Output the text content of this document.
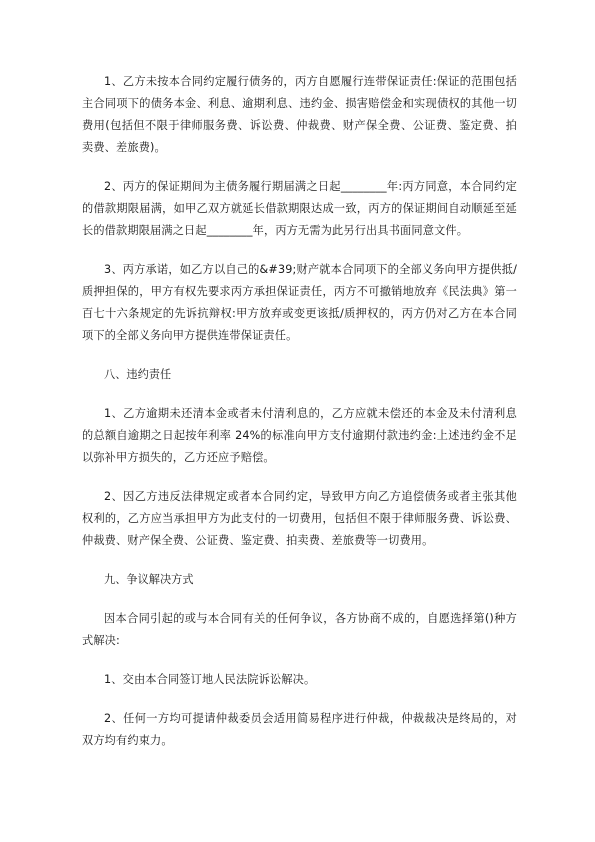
1、乙方未按本合同约定履行债务的，丙方自愿履行连带保证责任:保证的范围包括主合同项下的债务本金、利息、逾期利息、违约金、损害赔偿金和实现债权的其他一切费用(包括但不限于律师服务费、诉讼费、仲裁费、财产保全费、公证费、鉴定费、拍卖费、差旅费)。

2、丙方的保证期间为主债务履行期届满之日起________年:丙方同意，本合同约定的借款期限届满，如甲乙双方就延长借款期限达成一致，丙方的保证期间自动顺延至延长的借款期限届满之日起________年，丙方无需为此另行出具书面同意文件。

3、丙方承诺，如乙方以自己的&#39;财产就本合同项下的全部义务向甲方提供抵/质押担保的，甲方有权先要求丙方承担保证责任，丙方不可撤销地放弃《民法典》第一百七十六条规定的先诉抗辩权:甲方放弃或变更该抵/质押权的，丙方仍对乙方在本合同项下的全部义务向甲方提供连带保证责任。

八、违约责任

1、乙方逾期未还清本金或者未付清利息的，乙方应就未偿还的本金及未付清利息的总额自逾期之日起按年利率 24%的标准向甲方支付逾期付款违约金:上述违约金不足以弥补甲方损失的，乙方还应予赔偿。

2、因乙方违反法律规定或者本合同约定，导致甲方向乙方追偿债务或者主张其他权利的，乙方应当承担甲方为此支付的一切费用，包括但不限于律师服务费、诉讼费、仲裁费、财产保全费、公证费、鉴定费、拍卖费、差旅费等一切费用。

九、争议解决方式

因本合同引起的或与本合同有关的任何争议，各方协商不成的，自愿选择第()种方式解决:

1、交由本合同签订地人民法院诉讼解决。

2、任何一方均可提请仲裁委员会适用简易程序进行仲裁，仲裁裁决是终局的，对双方均有约束力。
